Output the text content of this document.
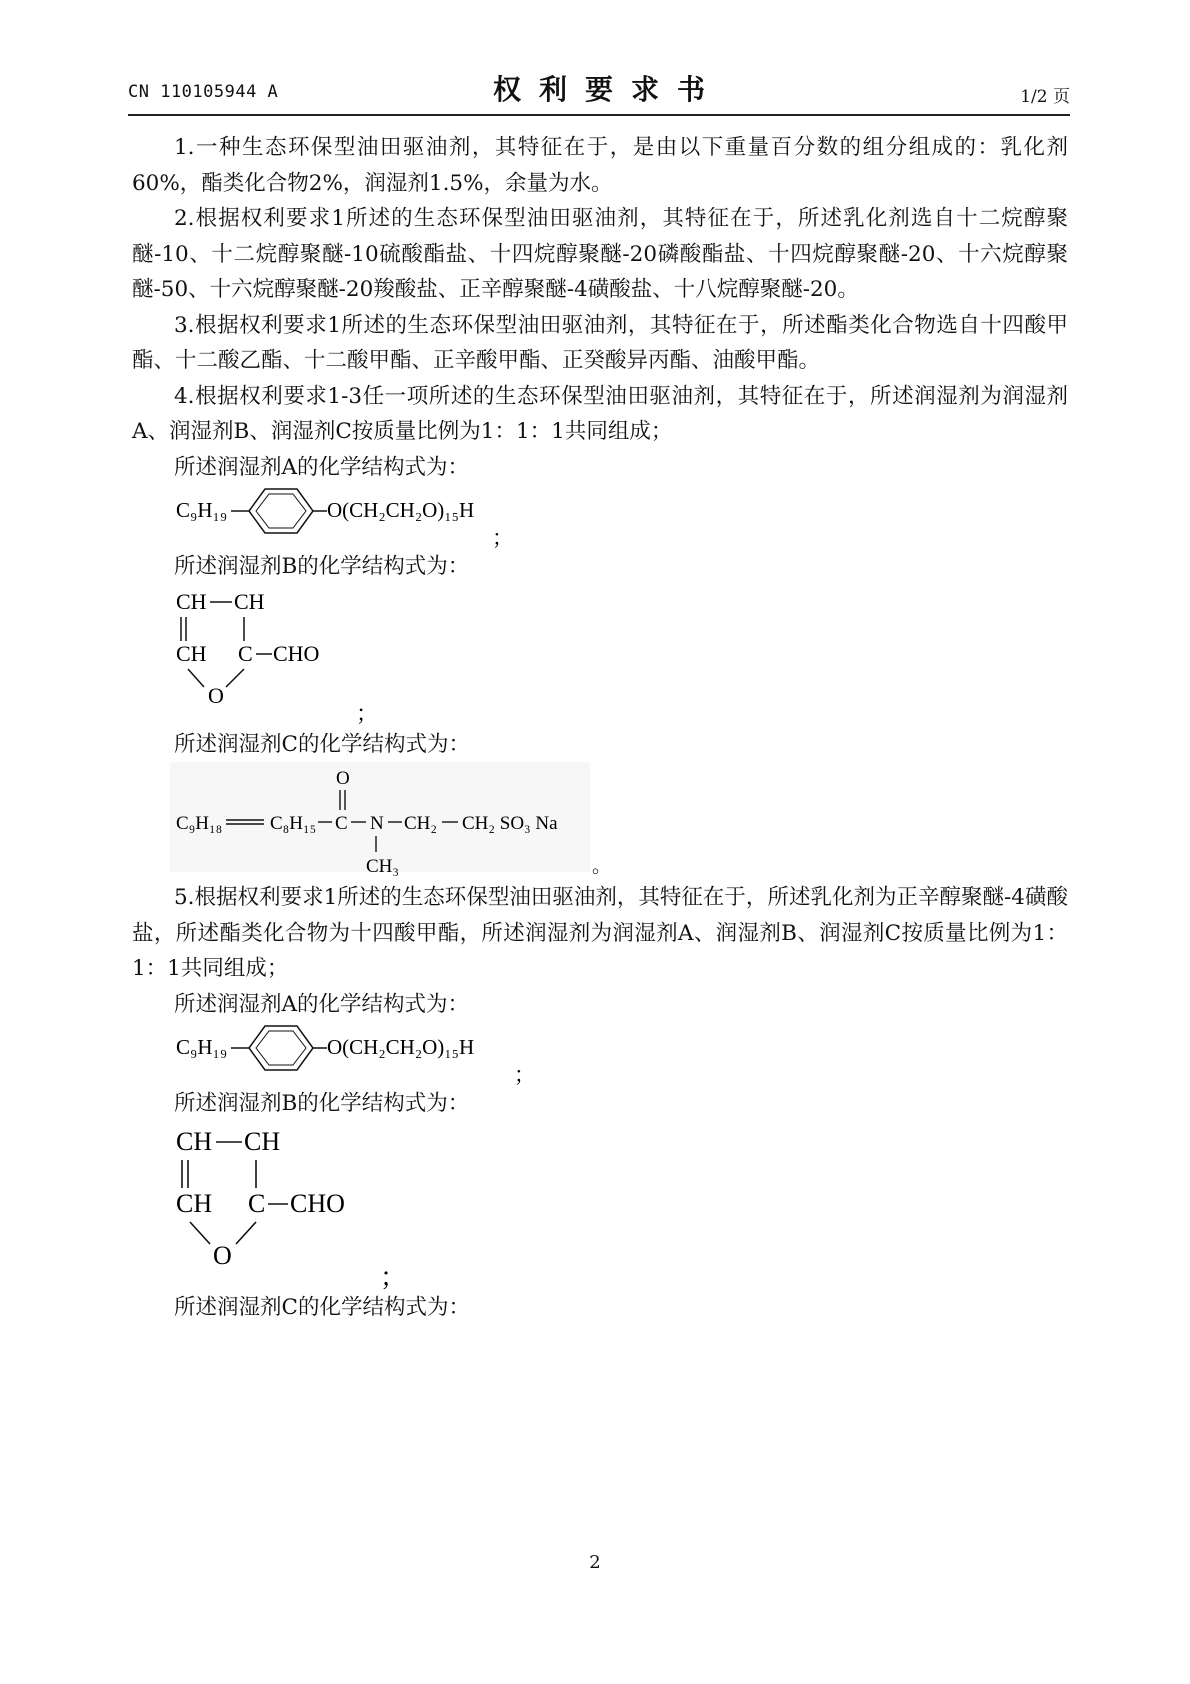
CN 110105944 A	权利要求书	1/2 页

1.一种生态环保型油田驱油剂，其特征在于，是由以下重量百分数的组分组成的：乳化剂60%，酯类化合物2%，润湿剂1.5%，余量为水。

2.根据权利要求1所述的生态环保型油田驱油剂，其特征在于，所述乳化剂选自十二烷醇聚醚-10、十二烷醇聚醚-10硫酸酯盐、十四烷醇聚醚-20磷酸酯盐、十四烷醇聚醚-20、十六烷醇聚醚-50、十六烷醇聚醚-20羧酸盐、正辛醇聚醚-4磺酸盐、十八烷醇聚醚-20。

3.根据权利要求1所述的生态环保型油田驱油剂，其特征在于，所述酯类化合物选自十四酸甲酯、十二酸乙酯、十二酸甲酯、正辛酸甲酯、正癸酸异丙酯、油酸甲酯。

4.根据权利要求1-3任一项所述的生态环保型油田驱油剂，其特征在于，所述润湿剂为润湿剂A、润湿剂B、润湿剂C按质量比例为1：1：1共同组成；

所述润湿剂A的化学结构式为：

C₉H₁₉	O(CH₂CH₂O)₁₅H
；

所述润湿剂B的化学结构式为：

CH CH
CH C CHO
O
；

所述润湿剂C的化学结构式为：

O
C₉H₁₈	C₈H₁₅ C N CH₂ CH₂ SO₃ Na
CH₃	。

5.根据权利要求1所述的生态环保型油田驱油剂，其特征在于，所述乳化剂为正辛醇聚醚-4磺酸盐，所述酯类化合物为十四酸甲酯，所述润湿剂为润湿剂A、润湿剂B、润湿剂C按质量比例为1：1：1共同组成；

所述润湿剂A的化学结构式为：

C₉H₁₉	O(CH₂CH₂O)₁₅H
；

所述润湿剂B的化学结构式为：

CH CH
CH C CHO
O
；

所述润湿剂C的化学结构式为：

2
